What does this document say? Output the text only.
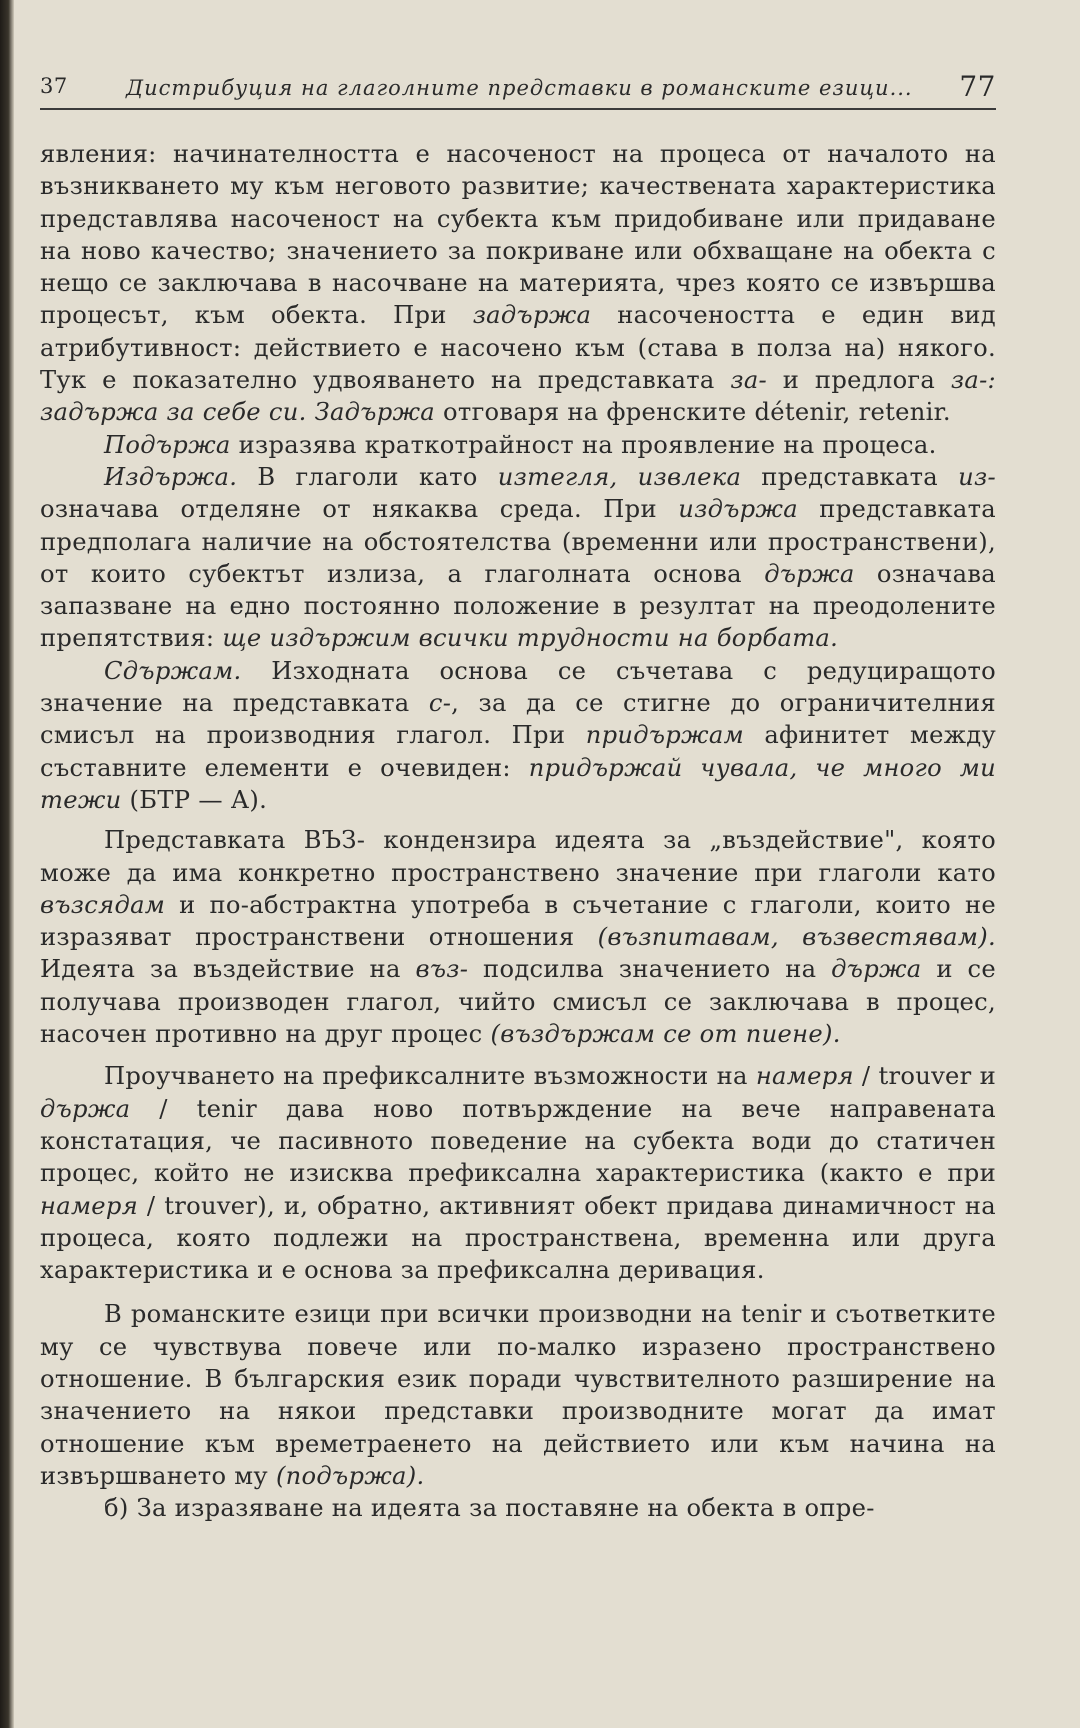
37	Дистрибуция на глаголните представки в романските езици... 77

явления: начинателността е насоченост на процеса от началото на възникването му към неговото развитие; качествената характеристика представлява насоченост на субекта към придобиване или придаване на ново качество; значението за покриване или обхващане на обекта с нещо се заключава в насочване на материята, чрез която се извършва процесът, към обекта. При задържа насочеността е един вид атрибутивност: действието е насочено към (става в полза на) някого. Тук е показателно удвояването на представката за- и предлога за-: задържа за себе си. Задържа отговаря на френските détenir, retenir.

Подържа изразява краткотрайност на проявление на процеса.

Издържа. В глаголи като изтегля, извлека представката из- означава отделяне от някаква среда. При издържа представката предполага наличие на обстоятелства (временни или пространствени), от които субектът излиза, а глаголната основа държа означава запазване на едно постоянно положение в резултат на преодолените препятствия: ще издържим всички трудности на борбата.

Сдържам. Изходната основа се съчетава с редуциращото значение на представката с-, за да се стигне до ограничителния смисъл на производния глагол. При придържам афинитет между съставните елементи е очевиден: придържай чувала, че много ми тежи (БТР — А).

Представката ВЪЗ- кондензира идеята за „въздействие", която може да има конкретно пространствено значение при глаголи като възсядам и по-абстрактна употреба в съчетание с глаголи, които не изразяват пространствени отношения (възпитавам, възвестявам). Идеята за въздействие на въз- подсилва значението на държа и се получава производен глагол, чийто смисъл се заключава в процес, насочен противно на друг процес (въздържам се от пиене).

Проучването на префиксалните възможности на намеря / trouver и държа / tenir дава ново потвърждение на вече направената констатация, че пасивното поведение на субекта води до статичен процес, който не изисква префиксална характеристика (както е при намеря / trouver), и, обратно, активният обект придава динамичност на процеса, която подлежи на пространствена, временна или друга характеристика и е основа за префиксална деривация.

В романските езици при всички производни на tenir и съответките му се чувствува повече или по-малко изразено пространствено отношение. В българския език поради чувствителното разширение на значението на някои представки производните могат да имат отношение към времетраенето на действието или към начина на извършването му (подържа).

б) За изразяване на идеята за поставяне на обекта в опре-
